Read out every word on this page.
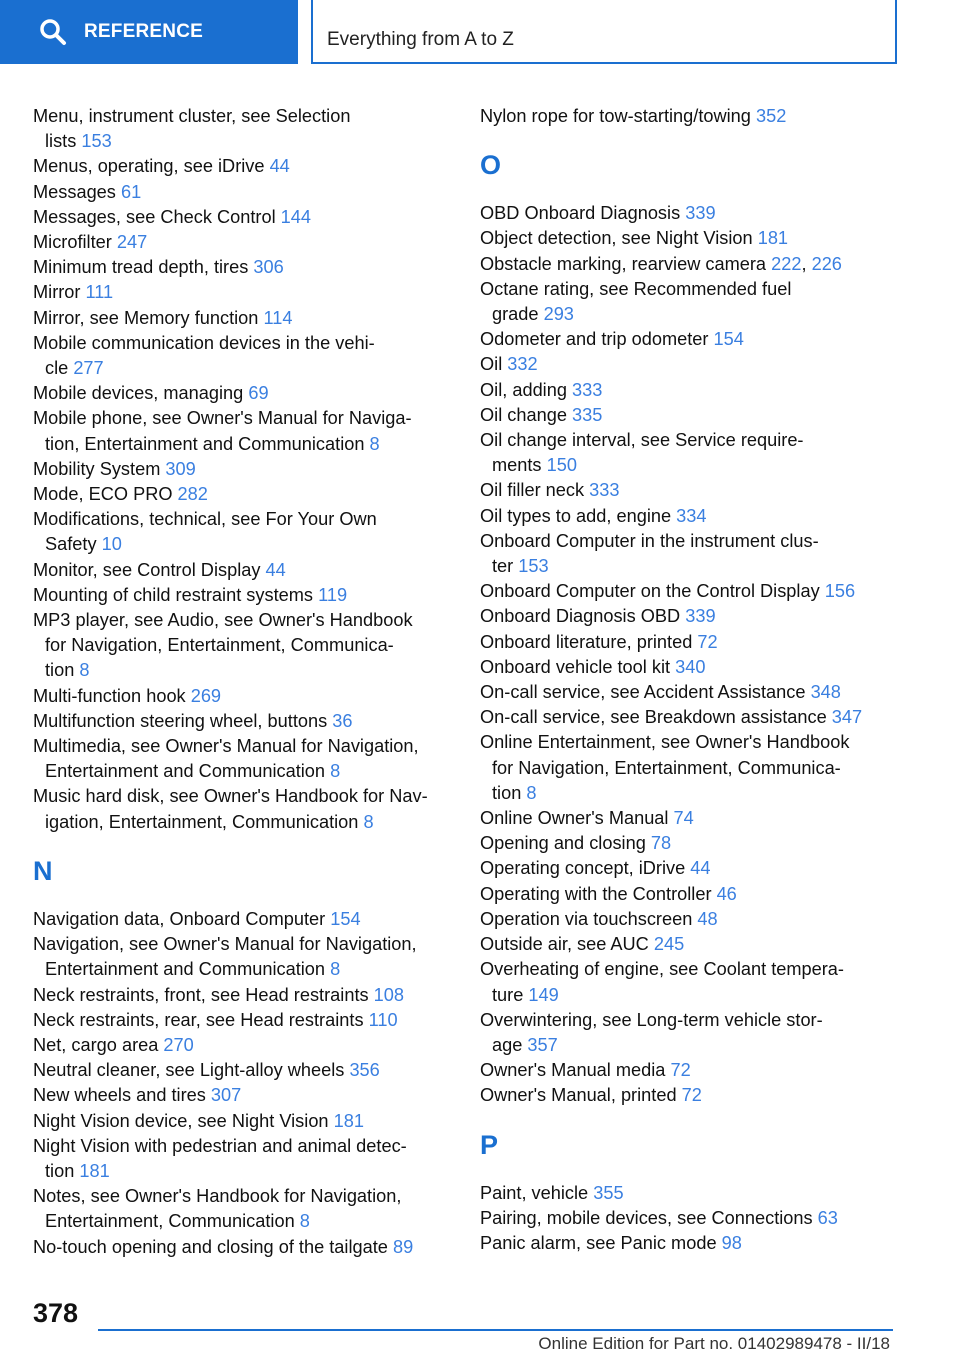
REFERENCE	Everything from A to Z
Menu, instrument cluster, see Selection
lists 153
Menus, operating, see iDrive 44
Messages 61
Messages, see Check Control 144
Microfilter 247
Minimum tread depth, tires 306
Mirror 111
Mirror, see Memory function 114
Mobile communication devices in the vehi-
cle 277
Mobile devices, managing 69
Mobile phone, see Owner's Manual for Naviga-
tion, Entertainment and Communication 8
Mobility System 309
Mode, ECO PRO 282
Modifications, technical, see For Your Own
Safety 10
Monitor, see Control Display 44
Mounting of child restraint systems 119
MP3 player, see Audio, see Owner's Handbook
for Navigation, Entertainment, Communica-
tion 8
Multi-function hook 269
Multifunction steering wheel, buttons 36
Multimedia, see Owner's Manual for Navigation,
Entertainment and Communication 8
Music hard disk, see Owner's Handbook for Nav-
igation, Entertainment, Communication 8
N
Navigation data, Onboard Computer 154
Navigation, see Owner's Manual for Navigation,
Entertainment and Communication 8
Neck restraints, front, see Head restraints 108
Neck restraints, rear, see Head restraints 110
Net, cargo area 270
Neutral cleaner, see Light-alloy wheels 356
New wheels and tires 307
Night Vision device, see Night Vision 181
Night Vision with pedestrian and animal detec-
tion 181
Notes, see Owner's Handbook for Navigation,
Entertainment, Communication 8
No-touch opening and closing of the tailgate 89
Nylon rope for tow-starting/towing 352
O
OBD Onboard Diagnosis 339
Object detection, see Night Vision 181
Obstacle marking, rearview camera 222, 226
Octane rating, see Recommended fuel
grade 293
Odometer and trip odometer 154
Oil 332
Oil, adding 333
Oil change 335
Oil change interval, see Service require-
ments 150
Oil filler neck 333
Oil types to add, engine 334
Onboard Computer in the instrument clus-
ter 153
Onboard Computer on the Control Display 156
Onboard Diagnosis OBD 339
Onboard literature, printed 72
Onboard vehicle tool kit 340
On-call service, see Accident Assistance 348
On-call service, see Breakdown assistance 347
Online Entertainment, see Owner's Handbook
for Navigation, Entertainment, Communica-
tion 8
Online Owner's Manual 74
Opening and closing 78
Operating concept, iDrive 44
Operating with the Controller 46
Operation via touchscreen 48
Outside air, see AUC 245
Overheating of engine, see Coolant tempera-
ture 149
Overwintering, see Long-term vehicle stor-
age 357
Owner's Manual media 72
Owner's Manual, printed 72
P
Paint, vehicle 355
Pairing, mobile devices, see Connections 63
Panic alarm, see Panic mode 98
378
Online Edition for Part no. 01402989478 - II/18
